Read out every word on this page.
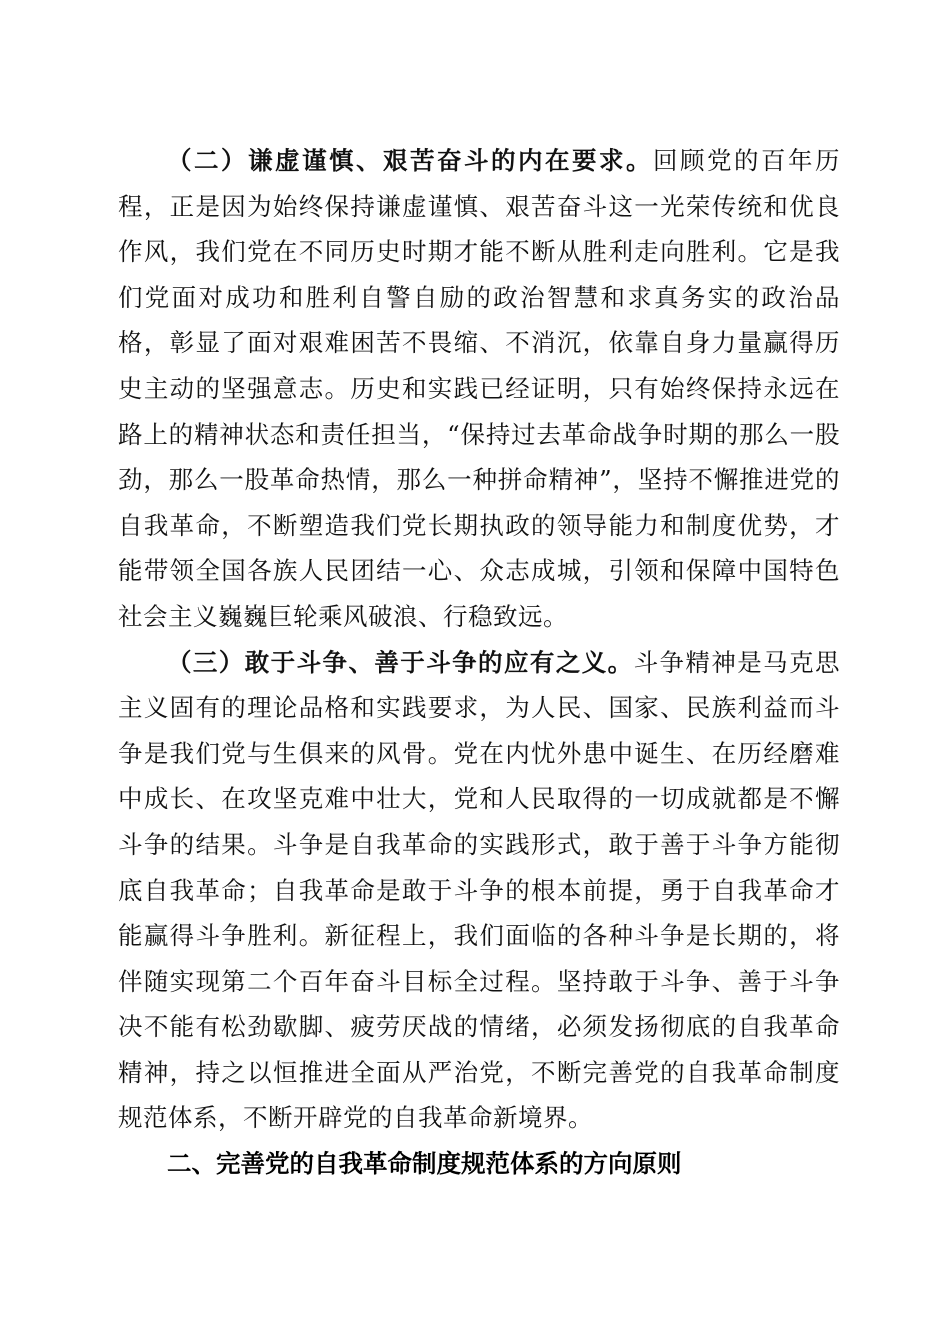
（二）谦虚谨慎、艰苦奋斗的内在要求。回顾党的百年历程，正是因为始终保持谦虚谨慎、艰苦奋斗这一光荣传统和优良作风，我们党在不同历史时期才能不断从胜利走向胜利。它是我们党面对成功和胜利自警自励的政治智慧和求真务实的政治品格，彰显了面对艰难困苦不畏缩、不消沉，依靠自身力量赢得历史主动的坚强意志。历史和实践已经证明，只有始终保持永远在路上的精神状态和责任担当，“保持过去革命战争时期的那么一股劲，那么一股革命热情，那么一种拼命精神”，坚持不懈推进党的自我革命，不断塑造我们党长期执政的领导能力和制度优势，才能带领全国各族人民团结一心、众志成城，引领和保障中国特色社会主义巍巍巨轮乘风破浪、行稳致远。

（三）敢于斗争、善于斗争的应有之义。斗争精神是马克思主义固有的理论品格和实践要求，为人民、国家、民族利益而斗争是我们党与生俱来的风骨。党在内忧外患中诞生、在历经磨难中成长、在攻坚克难中壮大，党和人民取得的一切成就都是不懈斗争的结果。斗争是自我革命的实践形式，敢于善于斗争方能彻底自我革命；自我革命是敢于斗争的根本前提，勇于自我革命才能赢得斗争胜利。新征程上，我们面临的各种斗争是长期的，将伴随实现第二个百年奋斗目标全过程。坚持敢于斗争、善于斗争决不能有松劲歇脚、疲劳厌战的情绪，必须发扬彻底的自我革命精神，持之以恒推进全面从严治党，不断完善党的自我革命制度规范体系，不断开辟党的自我革命新境界。

二、完善党的自我革命制度规范体系的方向原则
